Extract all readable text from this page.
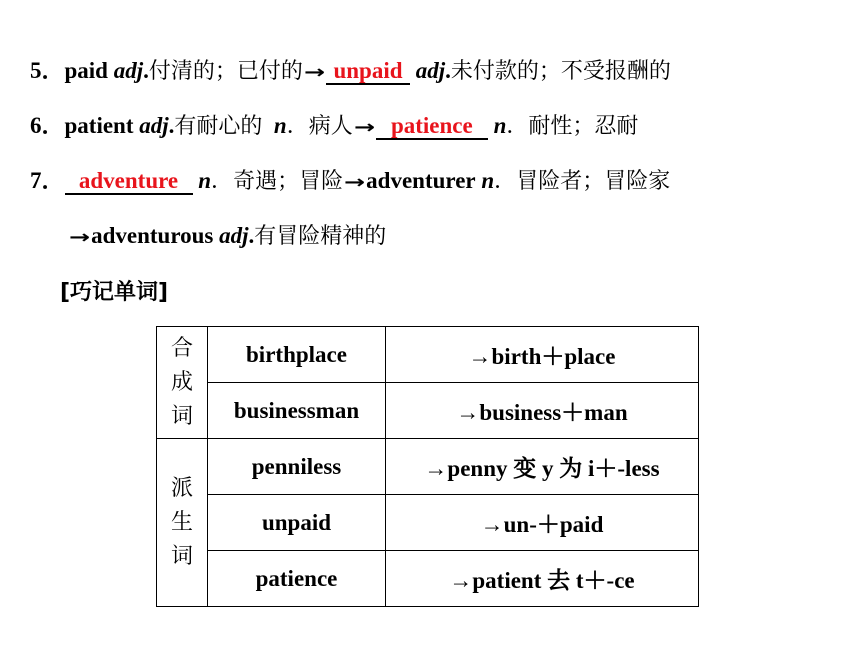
5．paid adj.付清的；已付的→ unpaid adj.未付款的；不受报酬的
6．patient adj.有耐心的 n．病人→ patience n．耐性；忍耐
7． adventure n．奇遇；冒险→adventurer n．冒险者；冒险家
→adventurous adj.有冒险精神的
[巧记单词]
合
成
词	birthplace	→birth＋place
	businessman	→business＋man
派
生
词	penniless	→penny 变 y 为 i＋-less
	unpaid	→un-＋paid
	patience	→patient 去 t＋-ce
